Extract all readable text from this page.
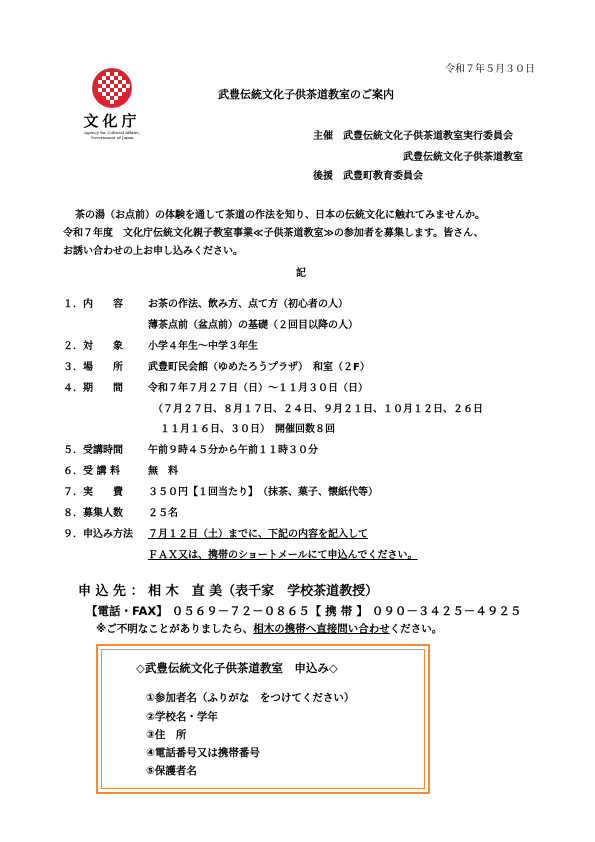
令和７年５月３０日
文化庁
Agency for Cultural Affairs,
Government of Japan
武豊伝統文化子供茶道教室のご案内
主催　 武豊伝統文化子供茶道教室実行委員会
武豊伝統文化子供茶道教室
後援　 武豊町教育委員会
茶の湯（お点前）の体験を通して茶道の作法を知り、日本の伝統文化に触れてみませんか。
令和７年度　文化庁伝統文化親子教室事業≪子供茶道教室≫の参加者を募集します。皆さん、
お誘い合わせの上お申し込みください。
記
１．内　　容	お茶の作法、飲み方、点て方（初心者の人）
薄茶点前（盆点前）の基礎（２回目以降の人）
２．対　　象	小学４年生～中学３年生
３．場　　所	武豊町民会館（ゆめたろうプラザ）　和室（２F）
４．期　　間	令和７年７月２７日（日）～１１月３０日（日）
（７月２７日、８月１７日、２４日、９月２１日、１０月１２日、２６日
１１月１６日、３０日）　開催回数８回
５．受講時間	午前９時４５分から午前１１時３０分
６．受 講 料	無　料
７．実　　費	３５０円【１回当たり】　（抹茶、菓子、懐紙代等）
８．募集人数	２５名
９．申込み方法	７月１２日（土）までに、下記の内容を記入して
ＦＡＸ又は、携帯のショートメールにて申込んでください。
申 込 先 ： 相 木　直 美（表千家　学校茶道教授）
【電話・FAX】 ０５６９－７２－０８６５【 携 帯 】 ０９０－３４２５－４９２５
※ご不明なことがありましたら、相木の携帯へ直接問い合わせください。
◇武豊伝統文化子供茶道教室　申込み◇
①参加者名（ふりがな　をつけてください）
②学校名・学年
③住　所
④電話番号又は携帯番号
⑤保護者名
